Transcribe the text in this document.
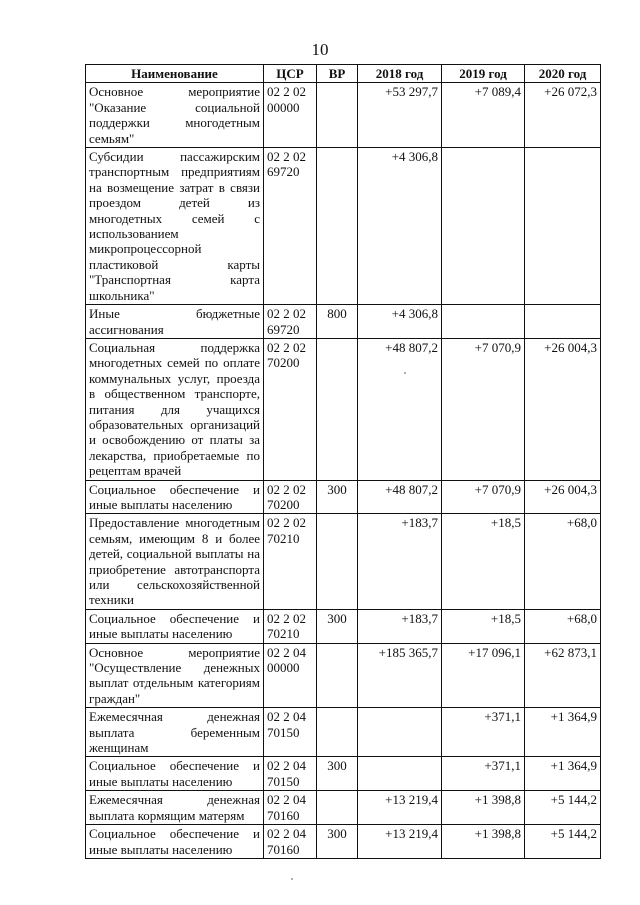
10
Наименование	ЦСР	ВР	2018 год	2019 год	2020 год
Основное мероприятие "Оказание социальной поддержки многодетным семьям"	02 2 02 00000		+53 297,7	+7 089,4	+26 072,3
Субсидии пассажирским транспортным предприятиям на возмещение затрат в связи проездом детей из многодетных семей с использованием микропроцессорной пластиковой карты "Транспортная карта школьника"	02 2 02 69720		+4 306,8		
Иные бюджетные ассигнования	02 2 02 69720	800	+4 306,8		
Социальная поддержка многодетных семей по оплате коммунальных услуг, проезда в общественном транспорте, питания для учащихся образовательных организаций и освобождению от платы за лекарства, приобретаемые по рецептам врачей	02 2 02 70200		+48 807,2	+7 070,9	+26 004,3
Социальное обеспечение и иные выплаты населению	02 2 02 70200	300	+48 807,2	+7 070,9	+26 004,3
Предоставление многодетным семьям, имеющим 8 и более детей, социальной выплаты на приобретение автотранспорта или сельскохозяйственной техники	02 2 02 70210		+183,7	+18,5	+68,0
Социальное обеспечение и иные выплаты населению	02 2 02 70210	300	+183,7	+18,5	+68,0
Основное мероприятие "Осуществление денежных выплат отдельным категориям граждан"	02 2 04 00000		+185 365,7	+17 096,1	+62 873,1
Ежемесячная денежная выплата беременным женщинам	02 2 04 70150			+371,1	+1 364,9
Социальное обеспечение и иные выплаты населению	02 2 04 70150	300		+371,1	+1 364,9
Ежемесячная денежная выплата кормящим матерям	02 2 04 70160		+13 219,4	+1 398,8	+5 144,2
Социальное обеспечение и иные выплаты населению	02 2 04 70160	300	+13 219,4	+1 398,8	+5 144,2
